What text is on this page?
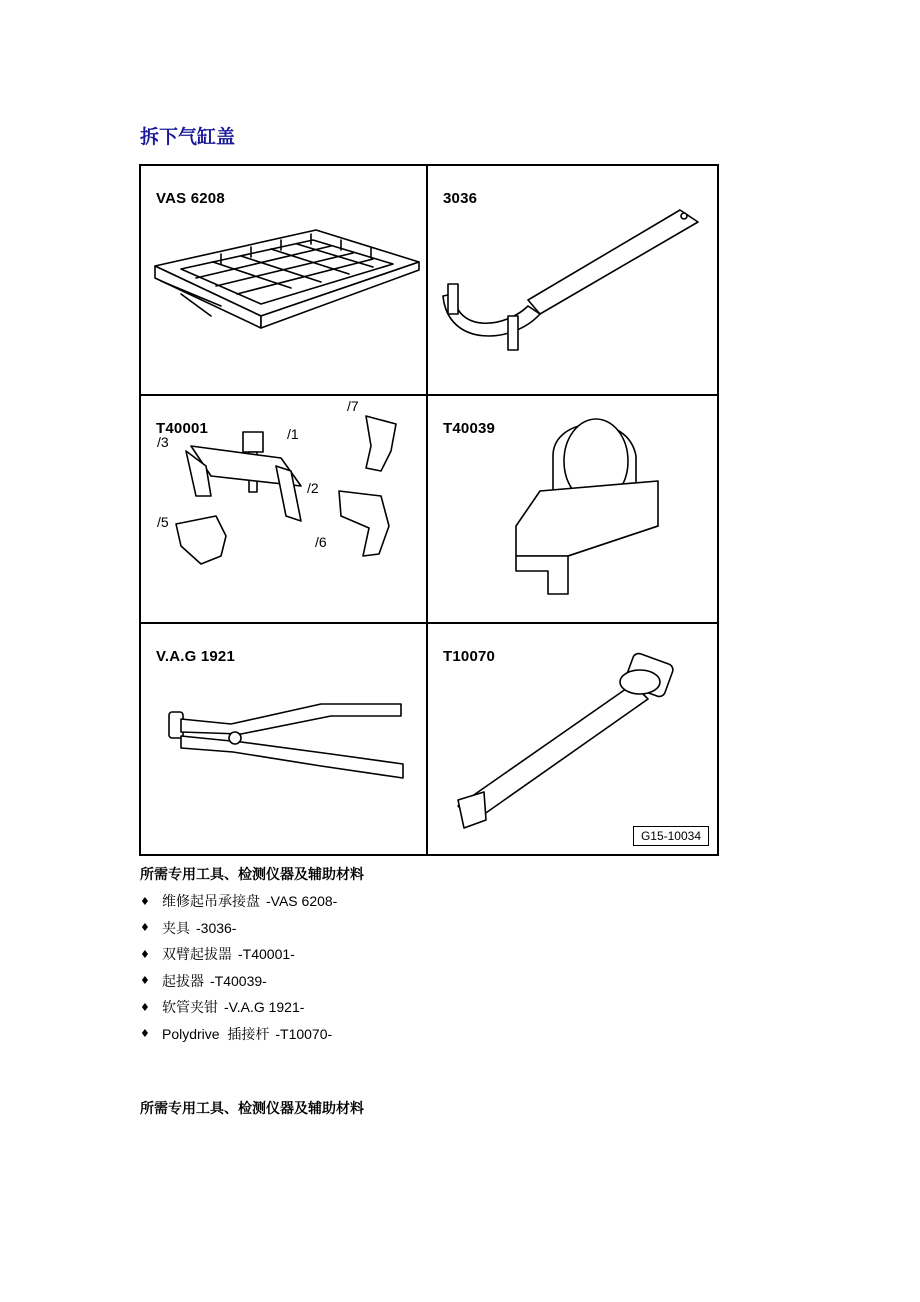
拆下气缸盖
VAS 6208	3036
T40001	/1
/2
/3
/5
/6
/7
T40039
V.A.G 1921	T10070
G15-10034
所需专用工具、检测仪器及辅助材料
♦ 维修起吊承接盘 -VAS 6208-
♦ 夹具 -3036-
♦ 双臂起拔噐 -T40001-
♦ 起拔器 -T40039-
♦ 软管夹钳 -V.A.G 1921-
♦ Polydrive  插接杆 -T10070-
所需专用工具、检测仪器及辅助材料
